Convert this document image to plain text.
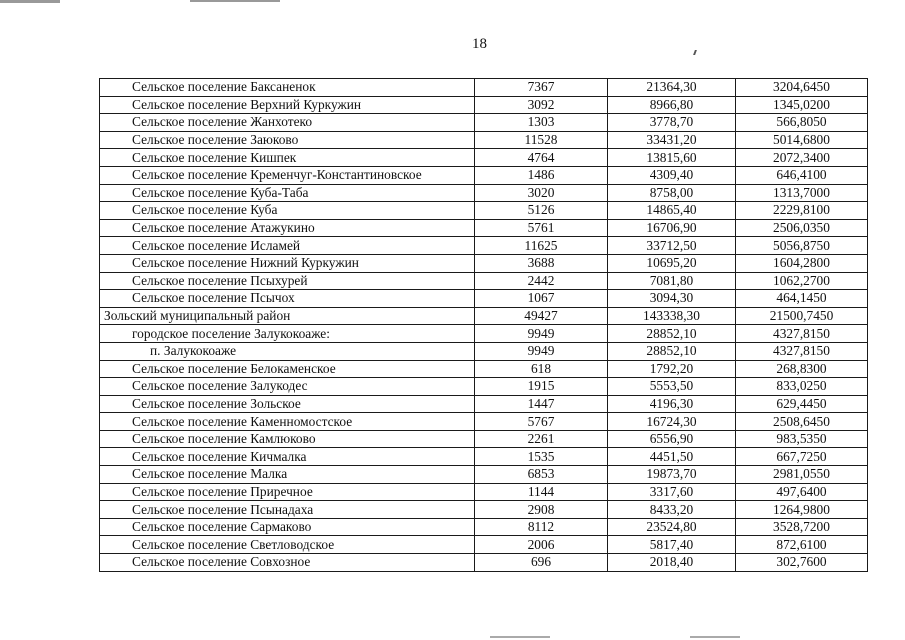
18
Сельское поселение Баксаненок	7367	21364,30	3204,6450
Сельское поселение Верхний Куркужин	3092	8966,80	1345,0200
Сельское поселение Жанхотеко	1303	3778,70	566,8050
Сельское поселение Заюково	11528	33431,20	5014,6800
Сельское поселение Кишпек	4764	13815,60	2072,3400
Сельское поселение Кременчуг-Константиновское	1486	4309,40	646,4100
Сельское поселение Куба-Таба	3020	8758,00	1313,7000
Сельское поселение Куба	5126	14865,40	2229,8100
Сельское поселение Атажукино	5761	16706,90	2506,0350
Сельское поселение Исламей	11625	33712,50	5056,8750
Сельское поселение Нижний Куркужин	3688	10695,20	1604,2800
Сельское поселение Псыхурей	2442	7081,80	1062,2700
Сельское поселение Псычох	1067	3094,30	464,1450
Зольский муниципальный район	49427	143338,30	21500,7450
городское поселение Залукокоаже:	9949	28852,10	4327,8150
п. Залукокоаже	9949	28852,10	4327,8150
Сельское поселение Белокаменское	618	1792,20	268,8300
Сельское поселение Залукодес	1915	5553,50	833,0250
Сельское поселение Зольское	1447	4196,30	629,4450
Сельское поселение Каменномостское	5767	16724,30	2508,6450
Сельское поселение Камлюково	2261	6556,90	983,5350
Сельское поселение Кичмалка	1535	4451,50	667,7250
Сельское поселение Малка	6853	19873,70	2981,0550
Сельское поселение Приречное	1144	3317,60	497,6400
Сельское поселение Псынадаха	2908	8433,20	1264,9800
Сельское поселение Сармаково	8112	23524,80	3528,7200
Сельское поселение Светловодское	2006	5817,40	872,6100
Сельское поселение Совхозное	696	2018,40	302,7600
